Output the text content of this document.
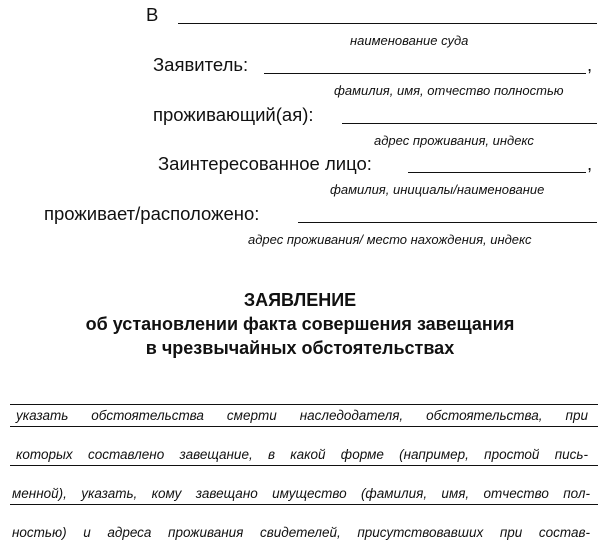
В
наименование суда
Заявитель:	,
фамилия, имя, отчество полностью
проживающий(ая):
адрес проживания, индекс
Заинтересованное лицо:	,
фамилия, инициалы/наименование
проживает/расположено:
адрес проживания/ место нахождения, индекс
ЗАЯВЛЕНИЕ
об установлении факта совершения завещания
в чрезвычайных обстоятельствах
указать обстоятельства смерти наследодателя, обстоятельства, при
которых составлено завещание, в какой форме (например, простой пись-
менной), указать, кому завещано имущество (фамилия, имя, отчество пол-
ностью) и адреса проживания свидетелей, присутствовавших при состав-
